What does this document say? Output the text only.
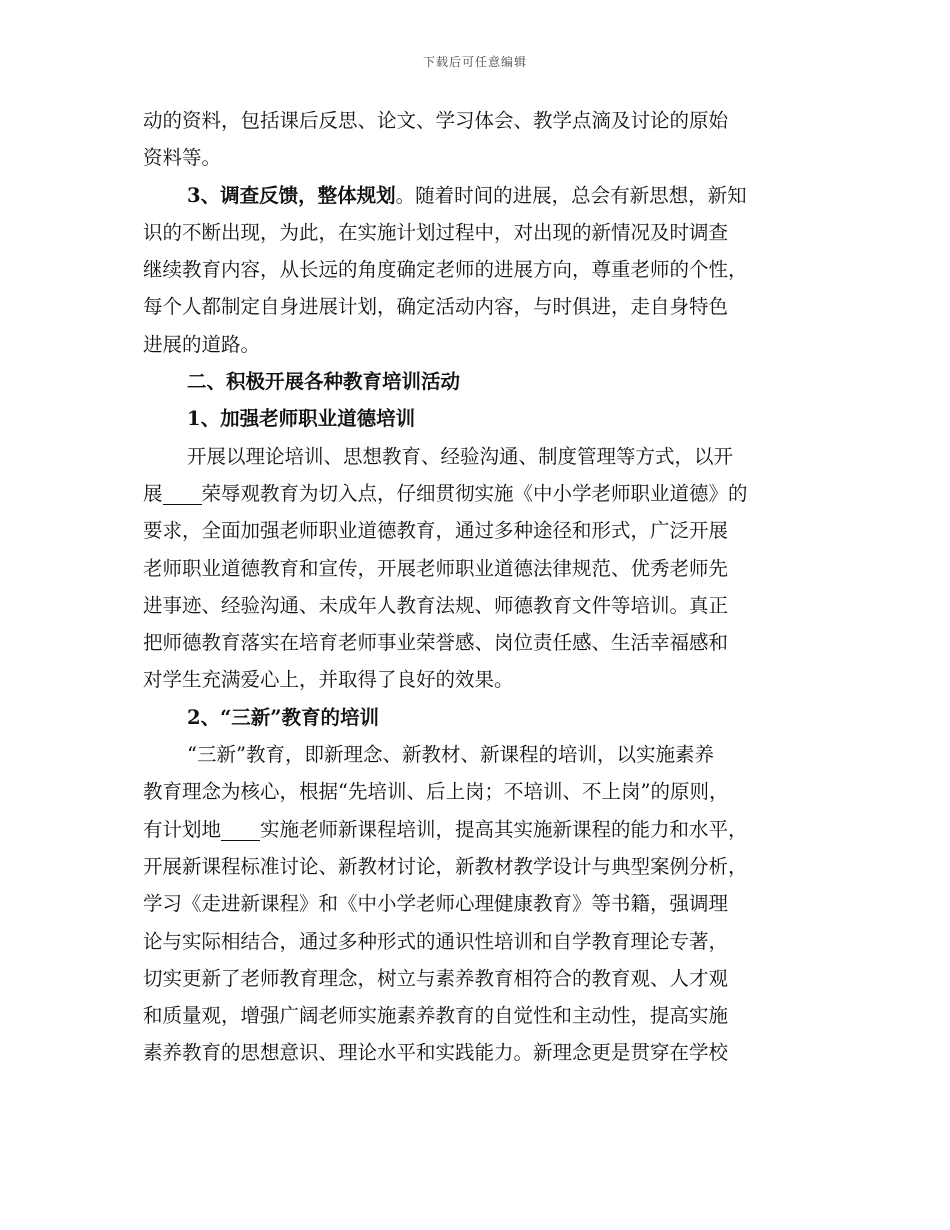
下载后可任意编辑
动的资料，包括课后反思、论文、学习体会、教学点滴及讨论的原始
资料等。
3、调查反馈，整体规划。随着时间的进展，总会有新思想，新知
识的不断出现，为此，在实施计划过程中，对出现的新情况及时调查
继续教育内容，从长远的角度确定老师的进展方向，尊重老师的个性，
每个人都制定自身进展计划，确定活动内容，与时俱进，走自身特色
进展的道路。
二、积极开展各种教育培训活动
1、加强老师职业道德培训
开展以理论培训、思想教育、经验沟通、制度管理等方式，以开
展 荣辱观教育为切入点，仔细贯彻实施《中小学老师职业道德》的
要求，全面加强老师职业道德教育，通过多种途径和形式，广泛开展
老师职业道德教育和宣传，开展老师职业道德法律规范、优秀老师先
进事迹、经验沟通、未成年人教育法规、师德教育文件等培训。真正
把师德教育落实在培育老师事业荣誉感、岗位责任感、生活幸福感和
对学生充满爱心上，并取得了良好的效果。
2、“三新”教育的培训
“三新”教育，即新理念、新教材、新课程的培训，以实施素养
教育理念为核心，根据“先培训、后上岗；不培训、不上岗”的原则，
有计划地 实施老师新课程培训，提高其实施新课程的能力和水平，
开展新课程标准讨论、新教材讨论，新教材教学设计与典型案例分析，
学习《走进新课程》和《中小学老师心理健康教育》等书籍，强调理
论与实际相结合，通过多种形式的通识性培训和自学教育理论专著，
切实更新了老师教育理念，树立与素养教育相符合的教育观、人才观
和质量观，增强广阔老师实施素养教育的自觉性和主动性，提高实施
素养教育的思想意识、理论水平和实践能力。新理念更是贯穿在学校
